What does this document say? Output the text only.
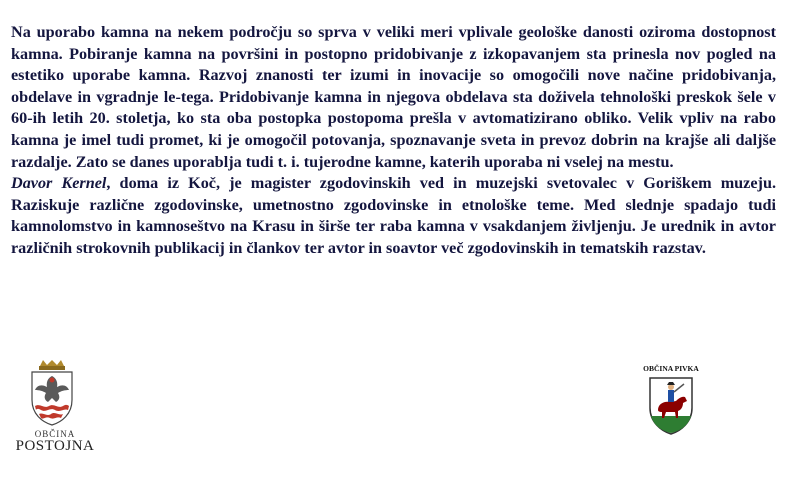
Na uporabo kamna na nekem področju so sprva v veliki meri vplivale geološke danosti oziroma dostopnost kamna. Pobiranje kamna na površini in postopno pridobivanje z izkopavanjem sta prinesla nov pogled na estetiko uporabe kamna. Razvoj znanosti ter izumi in inovacije so omogočili nove načine pridobivanja, obdelave in vgradnje le-tega. Pridobivanje kamna in njegova obdelava sta doživela tehnološki preskok šele v 60-ih letih 20. stoletja, ko sta oba postopka postopoma prešla v avtomatizirano obliko. Velik vpliv na rabo kamna je imel tudi promet, ki je omogočil potovanja, spoznavanje sveta in prevoz dobrin na krajše ali daljše razdalje. Zato se danes uporablja tudi t. i. tujerodne kamne, katerih uporaba ni vselej na mestu.

Davor Kernel, doma iz Koč, je magister zgodovinskih ved in muzejski svetovalec v Goriškem muzeju. Raziskuje različne zgodovinske, umetnostno zgodovinske in etnološke teme. Med slednje spadajo tudi kamnolomstvo in kamnoseštvo na Krasu in širše ter raba kamna v vsakdanjem življenju. Je urednik in avtor različnih strokovnih publikacij in člankov ter avtor in soavtor več zgodovinskih in tematskih razstav.

OBČINA
POSTOJNA
OBČINA PIVKA
